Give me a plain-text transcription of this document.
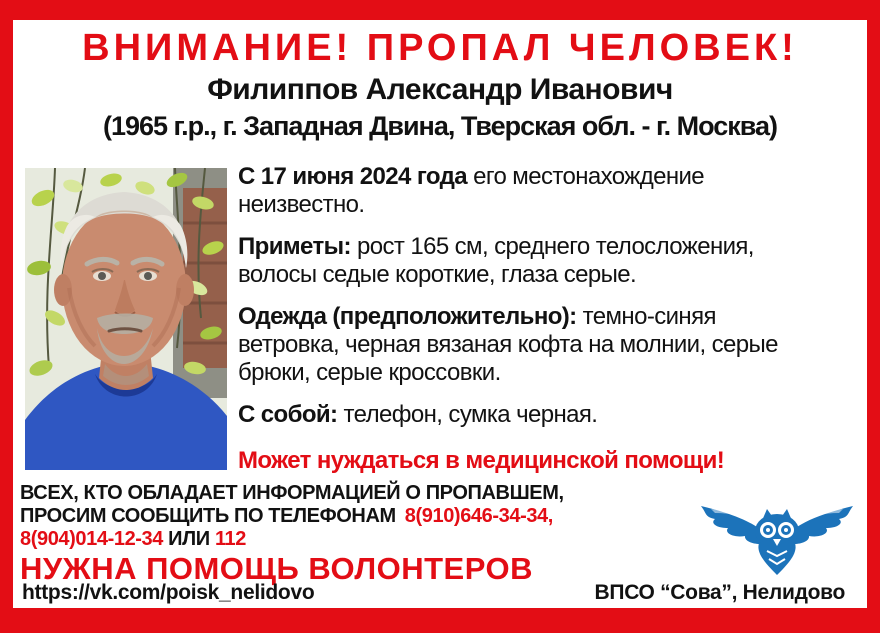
ВНИМАНИЕ! ПРОПАЛ ЧЕЛОВЕК!
Филиппов Александр Иванович
(1965 г.р., г. Западная Двина, Тверская обл. - г. Москва)

С 17 июня 2024 года его местонахождение неизвестно.

Приметы: рост 165 см, среднего телосложения, волосы седые короткие, глаза серые.

Одежда (предположительно): темно-синяя ветровка, черная вязаная кофта на молнии, серые брюки, серые кроссовки.

С собой: телефон, сумка черная.

Может нуждаться в медицинской помощи!

ВСЕХ, КТО ОБЛАДАЕТ ИНФОРМАЦИЕЙ О ПРОПАВШЕМ,
ПРОСИМ СООБЩИТЬ ПО ТЕЛЕФОНАМ 8(910)646-34-34,
8(904)014-12-34 ИЛИ 112
НУЖНА ПОМОЩЬ ВОЛОНТЕРОВ
https://vk.com/poisk_nelidovo	ВПСО “Сова”, Нелидово
